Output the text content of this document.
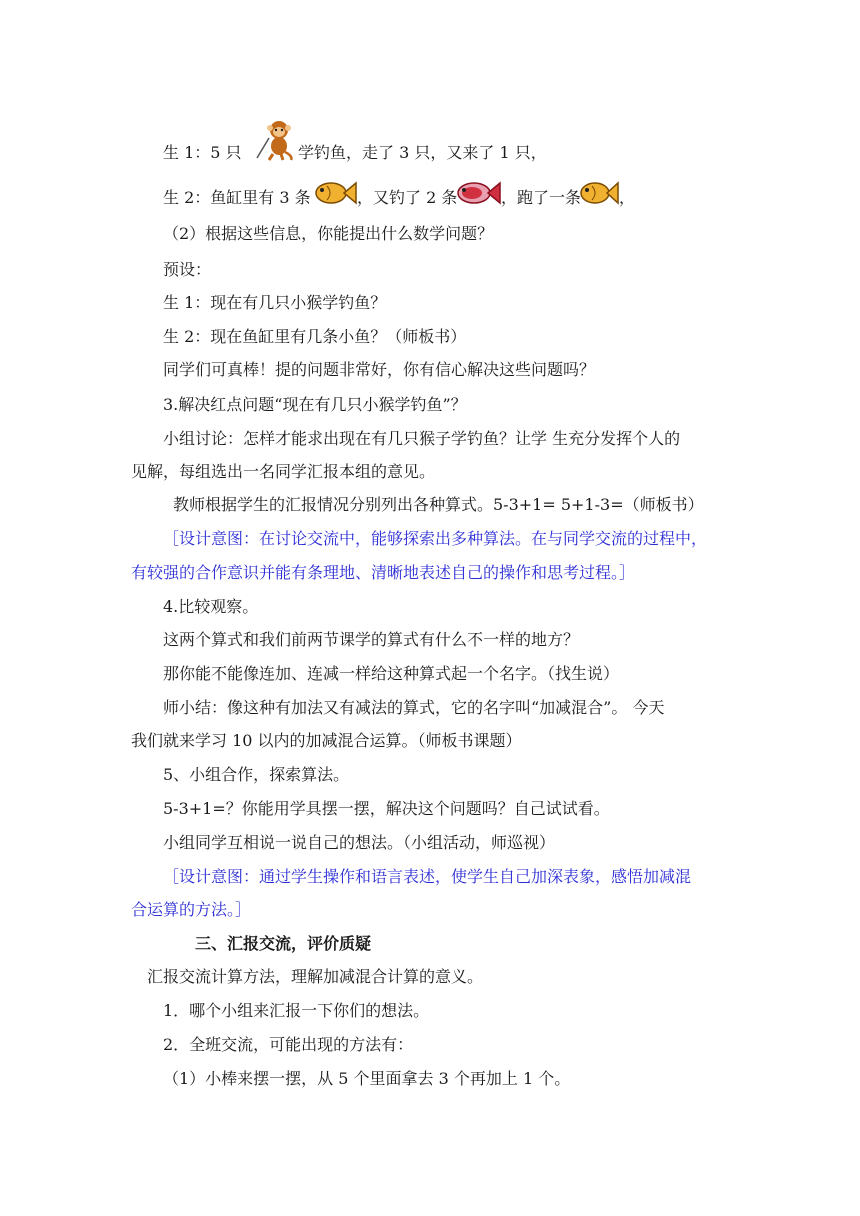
生 1：5 只	学钓鱼，走了 3 只，又来了 1 只，
生 2：鱼缸里有 3 条	，又钓了 2 条	，跑了一条 ，
（2）根据这些信息，你能提出什么数学问题？
预设：
生 1：现在有几只小猴学钓鱼？
生 2：现在鱼缸里有几条小鱼？（师板书）
同学们可真棒！提的问题非常好，你有信心解决这些问题吗？
3.解决红点问题“现在有几只小猴学钓鱼”？
小组讨论：怎样才能求出现在有几只猴子学钓鱼？让学 生充分发挥个人的
见解，每组选出一名同学汇报本组的意见。
教师根据学生的汇报情况分别列出各种算式。5-3+1= 5+1-3=（师板书）
［设计意图：在讨论交流中，能够探索出多种算法。在与同学交流的过程中，
有较强的合作意识并能有条理地、清晰地表述自己的操作和思考过程。］
4.比较观察。
这两个算式和我们前两节课学的算式有什么不一样的地方？
那你能不能像连加、连减一样给这种算式起一个名字。（找生说）
师小结：像这种有加法又有减法的算式，它的名字叫“加减混合”。 今天
我们就来学习 10 以内的加减混合运算。（师板书课题）
5、小组合作，探索算法。
5-3+1=？你能用学具摆一摆，解决这个问题吗？自己试试看。
小组同学互相说一说自己的想法。（小组活动，师巡视）
［设计意图：通过学生操作和语言表述，使学生自己加深表象，感悟加减混
合运算的方法。］
三、汇报交流，评价质疑
汇报交流计算方法，理解加减混合计算的意义。
1．哪个小组来汇报一下你们的想法。
2．全班交流，可能出现的方法有：
（1）小棒来摆一摆，从 5 个里面拿去 3 个再加上 1 个。
